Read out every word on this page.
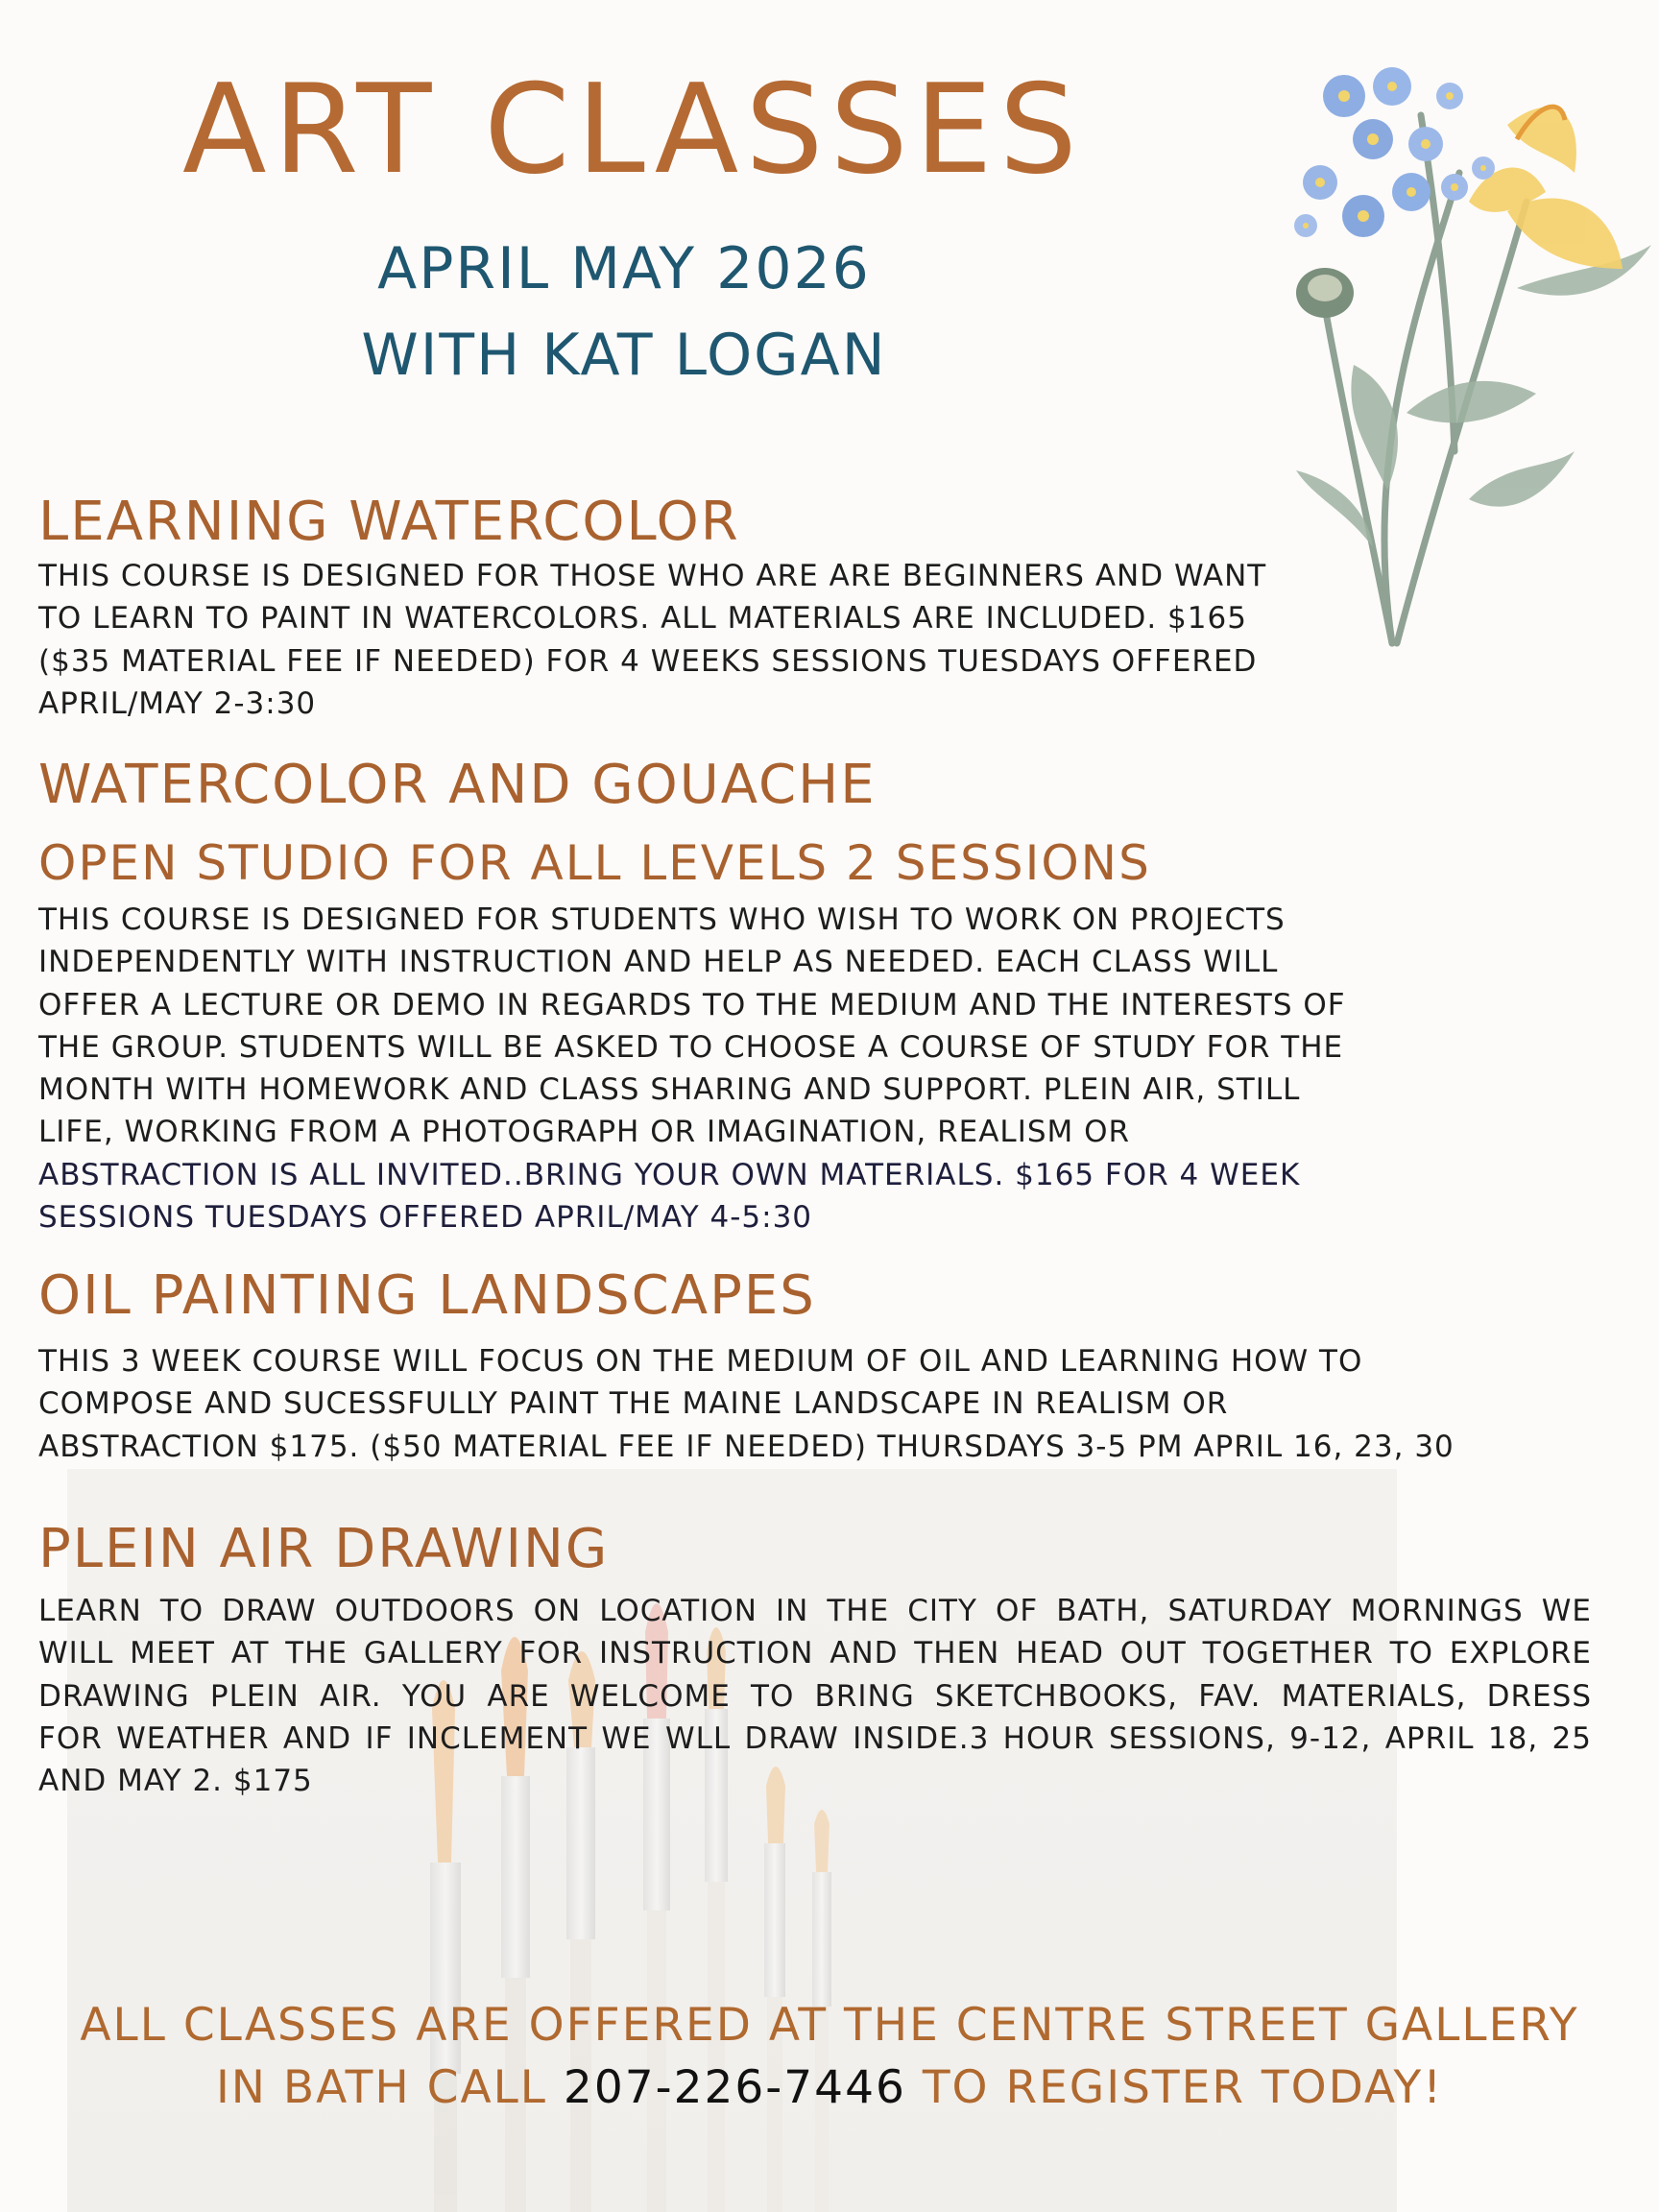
ART CLASSES
APRIL MAY 2026
WITH KAT LOGAN
LEARNING WATERCOLOR

THIS COURSE IS DESIGNED FOR THOSE WHO ARE ARE BEGINNERS AND WANT
TO LEARN TO PAINT IN WATERCOLORS. ALL MATERIALS ARE INCLUDED. $165
($35 MATERIAL FEE IF NEEDED) FOR 4 WEEKS SESSIONS TUESDAYS OFFERED
APRIL/MAY 2-3:30

WATERCOLOR AND GOUACHE
OPEN STUDIO FOR ALL LEVELS 2 SESSIONS

THIS COURSE IS DESIGNED FOR STUDENTS WHO WISH TO WORK ON PROJECTS
INDEPENDENTLY WITH INSTRUCTION AND HELP AS NEEDED. EACH CLASS WILL
OFFER A LECTURE OR DEMO IN REGARDS TO THE MEDIUM AND THE INTERESTS OF
THE GROUP. STUDENTS WILL BE ASKED TO CHOOSE A COURSE OF STUDY FOR THE
MONTH WITH HOMEWORK AND CLASS SHARING AND SUPPORT. PLEIN AIR, STILL
LIFE, WORKING FROM A PHOTOGRAPH OR IMAGINATION, REALISM OR
ABSTRACTION IS ALL INVITED..BRING YOUR OWN MATERIALS. $165 FOR 4 WEEK
SESSIONS TUESDAYS OFFERED APRIL/MAY 4-5:30

OIL PAINTING LANDSCAPES

THIS 3 WEEK COURSE WILL FOCUS ON THE MEDIUM OF OIL AND LEARNING HOW TO
COMPOSE AND SUCESSFULLY PAINT THE MAINE LANDSCAPE IN REALISM OR
ABSTRACTION $175. ($50 MATERIAL FEE IF NEEDED) THURSDAYS 3-5 PM APRIL 16, 23, 30

PLEIN AIR DRAWING

LEARN TO DRAW OUTDOORS ON LOCATION IN THE CITY OF BATH, SATURDAY MORNINGS WE
WILL MEET AT THE GALLERY FOR INSTRUCTION AND THEN HEAD OUT TOGETHER TO EXPLORE
DRAWING PLEIN AIR. YOU ARE WELCOME TO BRING SKETCHBOOKS, FAV. MATERIALS, DRESS
FOR WEATHER AND IF INCLEMENT WE WLL DRAW INSIDE.3 HOUR SESSIONS, 9-12, APRIL 18, 25
AND MAY 2. $175

ALL CLASSES ARE OFFERED AT THE CENTRE STREET GALLERY
IN BATH CALL 207-226-7446 TO REGISTER TODAY!
